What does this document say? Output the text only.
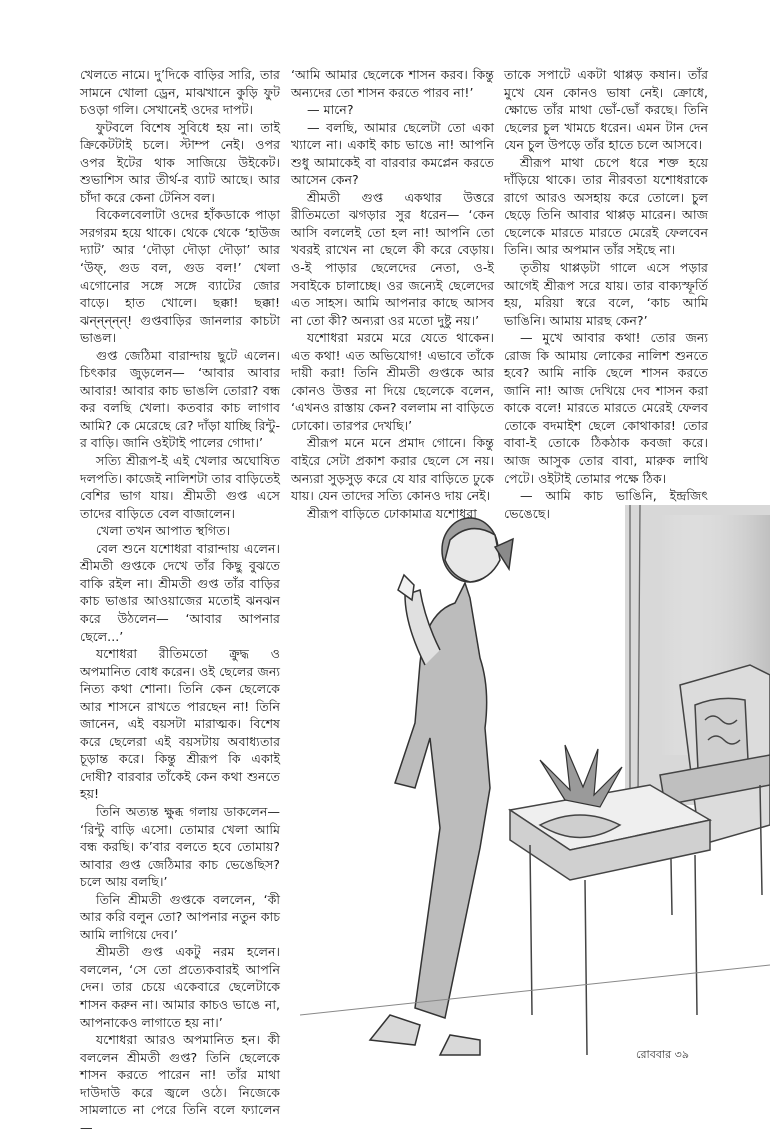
খেলতে নামে। দু’দিকে বাড়ির সারি, তার সামনে খোলা ড্রেন, মাঝখানে কুড়ি ফুট চওড়া গলি। সেখানেই ওদের দাপট।

ফুটবলে বিশেষ সুবিধে হয় না। তাই ক্রিকেটটাই চলে। স্টাম্প নেই। ওপর ওপর ইটের থাক সাজিয়ে উইকেট। শুভাশিস আর তীর্থ-র ব্যাট আছে। আর চাঁদা করে কেনা টেনিস বল।

বিকেলবেলাটা ওদের হাঁকডাকে পাড়া সরগরম হয়ে থাকে। থেকে থেকে ‘হাউজ দ্যাট’ আর ‘দৌড়া দৌড়া দৌড়া’ আর ‘উফ্‌, গুড বল, গুড বল!’ খেলা এগোনোর সঙ্গে সঙ্গে ব্যাটের জোর বাড়ে। হাত খোলে। ছক্কা! ছক্কা! ঝন্‌ন্‌ন্‌ন্‌ন্‌! গুপ্তবাড়ির জানলার কাচটা ভাঙল।

গুপ্ত জেঠিমা বারান্দায় ছুটে এলেন। চিৎকার জুড়লেন— ‘আবার আবার আবার! আবার কাচ ভাঙলি তোরা? বন্ধ কর বলছি খেলা। কতবার কাচ লাগাব আমি? কে মেরেছে রে? দাঁড়া যাচ্ছি রিন্টু-র বাড়ি। জানি ওইটাই পালের গোদা।’

সত্যি শ্রীরূপ-ই এই খেলার অঘোষিত দলপতি। কাজেই নালিশটা তার বাড়িতেই বেশির ভাগ যায়। শ্রীমতী গুপ্ত এসে তাদের বাড়িতে বেল বাজালেন।

খেলা তখন আপাত স্থগিত।

বেল শুনে যশোধরা বারান্দায় এলেন। শ্রীমতী গুপ্তকে দেখে তাঁর কিছু বুঝতে বাকি রইল না। শ্রীমতী গুপ্ত তাঁর বাড়ির কাচ ভাঙার আওয়াজের মতোই ঝনঝন করে উঠলেন— ‘আবার আপনার ছেলে...’

যশোধরা রীতিমতো ক্রুদ্ধ ও অপমানিত বোধ করেন। ওই ছেলের জন্য নিত্য কথা শোনা। তিনি কেন ছেলেকে আর শাসনে রাখতে পারছেন না! তিনি জানেন, এই বয়সটা মারাত্মক। বিশেষ করে ছেলেরা এই বয়সটায় অবাধ্যতার চূড়ান্ত করে। কিন্তু শ্রীরূপ কি একাই দোষী? বারবার তাঁকেই কেন কথা শুনতে হয়!

তিনি অত্যন্ত ক্ষুব্ধ গলায় ডাকলেন— ‘রিন্টু বাড়ি এসো। তোমার খেলা আমি বন্ধ করছি। ক’বার বলতে হবে তোমায়? আবার গুপ্ত জেঠিমার কাচ ভেঙেছিস? চলে আয় বলছি।’

তিনি শ্রীমতী গুপ্তকে বললেন, ‘কী আর করি বলুন তো? আপনার নতুন কাচ আমি লাগিয়ে দেব।’

শ্রীমতী গুপ্ত একটু নরম হলেন। বললেন, ‘সে তো প্রত্যেকবারই আপনি দেন। তার চেয়ে একেবারে ছেলেটাকে শাসন করুন না। আমার কাচও ভাঙে না, আপনাকেও লাগাতে হয় না।’

যশোধরা আরও অপমানিত হন। কী বললেন শ্রীমতী গুপ্ত? তিনি ছেলেকে শাসন করতে পারেন না! তাঁর মাথা দাউদাউ করে জ্বলে ওঠে। নিজেকে সামলাতে না পেরে তিনি বলে ফ্যালেন—

‘আমি আমার ছেলেকে শাসন করব। কিন্তু অন্যদের তো শাসন করতে পারব না!’

— মানে?

— বলছি, আমার ছেলেটা তো একা খ্যালে না। একাই কাচ ভাঙে না! আপনি শুধু আমাকেই বা বারবার কমপ্লেন করতে আসেন কেন?

শ্রীমতী গুপ্ত একথার উত্তরে রীতিমতো ঝগড়ার সুর ধরেন— ‘কেন আসি বললেই তো হল না! আপনি তো খবরই রাখেন না ছেলে কী করে বেড়ায়। ও-ই পাড়ার ছেলেদের নেতা, ও-ই সবাইকে চালাচ্ছে। ওর জন্যেই ছেলেদের এত সাহস। আমি আপনার কাছে আসব না তো কী? অন্যরা ওর মতো দুষ্টু নয়।’

যশোধরা মরমে মরে যেতে থাকেন। এত কথা! এত অভিযোগ! এভাবে তাঁকে দায়ী করা! তিনি শ্রীমতী গুপ্তকে আর কোনও উত্তর না দিয়ে ছেলেকে বলেন, ‘এখনও রাস্তায় কেন? বললাম না বাড়িতে ঢোকো। তারপর দেখছি।’

শ্রীরূপ মনে মনে প্রমাদ গোনে। কিন্তু বাইরে সেটা প্রকাশ করার ছেলে সে নয়। অন্যরা সুড়সুড় করে যে যার বাড়িতে ঢুকে যায়। যেন তাদের সত্যি কোনও দায় নেই।

শ্রীরূপ বাড়িতে ঢোকামাত্র যশোধরা

তাকে সপাটে একটা থাপ্পড় কষান। তাঁর মুখে যেন কোনও ভাষা নেই। ক্রোধে, ক্ষোভে তাঁর মাথা ভোঁ-ভোঁ করছে। তিনি ছেলের চুল খামচে ধরেন। এমন টান দেন যেন চুল উপড়ে তাঁর হাতে চলে আসবে।

শ্রীরূপ মাথা চেপে ধরে শক্ত হয়ে দাঁড়িয়ে থাকে। তার নীরবতা যশোধরাকে রাগে আরও অসহায় করে তোলে। চুল ছেড়ে তিনি আবার থাপ্পড় মারেন। আজ ছেলেকে মারতে মারতে মেরেই ফেলবেন তিনি। আর অপমান তাঁর সইছে না।

তৃতীয় থাপ্পড়টা গালে এসে পড়ার আগেই শ্রীরূপ সরে যায়। তার বাক্যস্ফূর্তি হয়, মরিয়া স্বরে বলে, ‘কাচ আমি ভাঙিনি। আমায় মারছ কেন?’

— মুখে আবার কথা! তোর জন্য রোজ কি আমায় লোকের নালিশ শুনতে হবে? আমি নাকি ছেলে শাসন করতে জানি না! আজ দেখিয়ে দেব শাসন করা কাকে বলে! মারতে মারতে মেরেই ফেলব তোকে বদমাইশ ছেলে কোথাকার! তোর বাবা-ই তোকে ঠিকঠাক কবজা করে। আজ আসুক তোর বাবা, মারুক লাথি পেটে। ওইটাই তোমার পক্ষে ঠিক।

— আমি কাচ ভাঙিনি, ইন্দ্রজিৎ ভেঙেছে।

রোববার ৩৯
